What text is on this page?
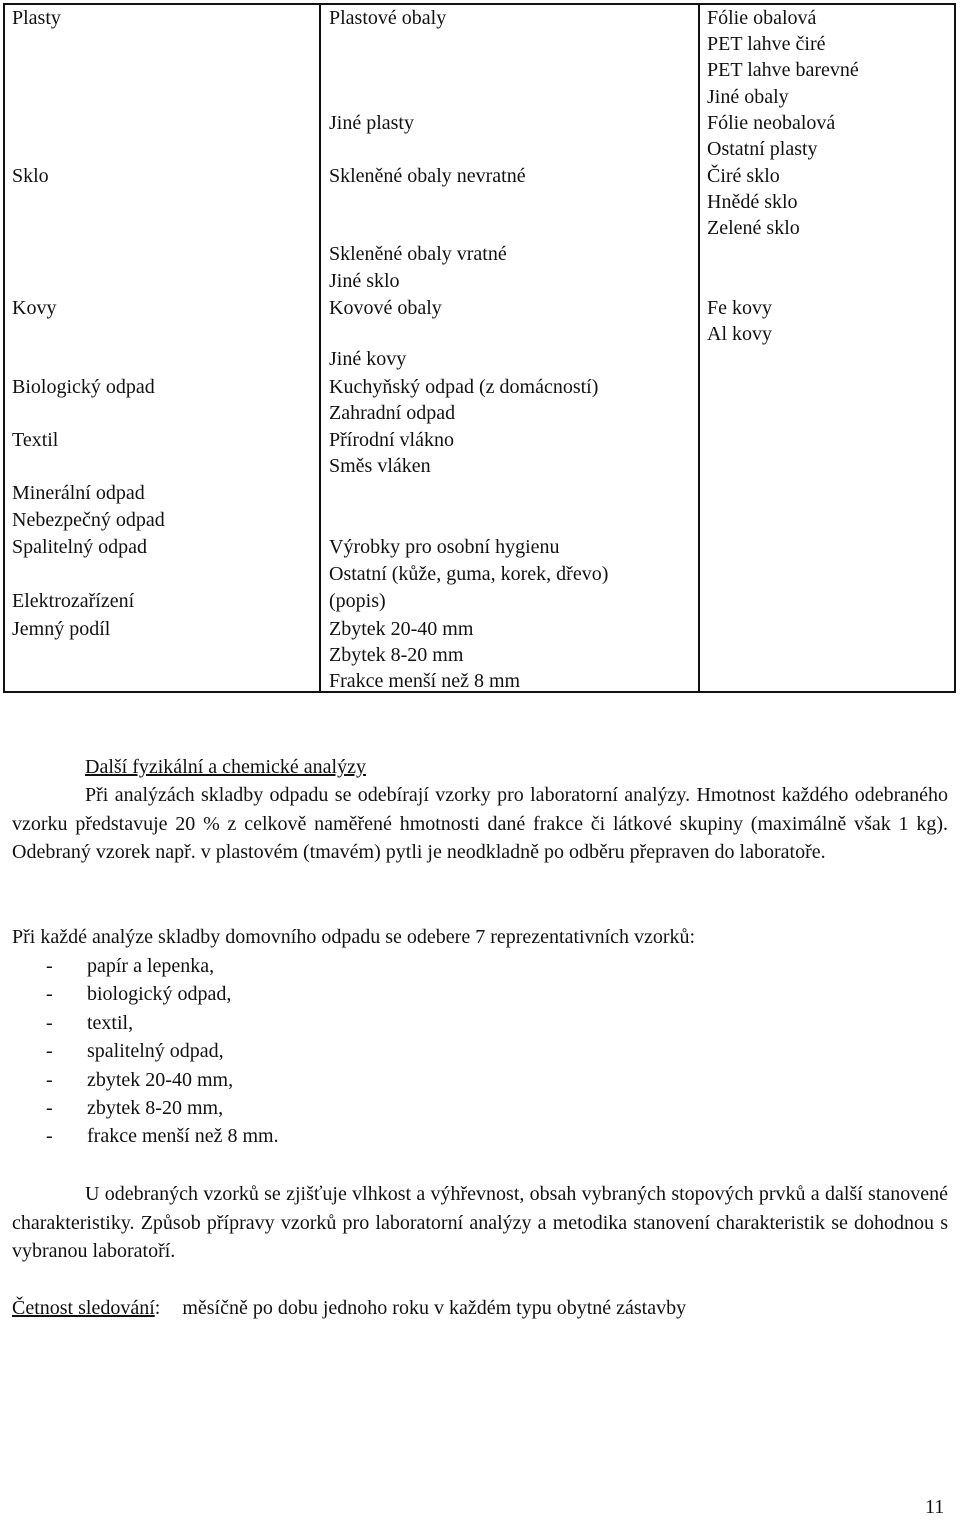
Plasty
Sklo
Kovy
Biologický odpad
Textil
Minerální odpad
Nebezpečný odpad
Spalitelný odpad
Elektrozařízení
Jemný podíl
Plastové obaly
Jiné plasty
Skleněné obaly nevratné
Skleněné obaly vratné
Jiné sklo
Kovové obaly
Jiné kovy
Kuchyňský odpad (z domácností)
Zahradní odpad
Přírodní vlákno
Směs vláken
Výrobky pro osobní hygienu
Ostatní (kůže, guma, korek, dřevo)
(popis)
Zbytek 20-40 mm
Zbytek 8-20 mm
Frakce menší než 8 mm
Fólie obalová
PET lahve čiré
PET lahve barevné
Jiné obaly
Fólie neobalová
Ostatní plasty
Čiré sklo
Hnědé sklo
Zelené sklo
Fe kovy
Al kovy
Další fyzikální a chemické analýzy
Při analýzách skladby odpadu se odebírají vzorky pro laboratorní analýzy. Hmotnost každého odebraného vzorku představuje 20 % z celkově naměřené hmotnosti dané frakce či látkové skupiny (maximálně však 1 kg). Odebraný vzorek např. v plastovém (tmavém) pytli je neodkladně po odběru přepraven do laboratoře.
Při každé analýze skladby domovního odpadu se odebere 7 reprezentativních vzorků:
- papír a lepenka,
- biologický odpad,
- textil,
- spalitelný odpad,
- zbytek 20-40 mm,
- zbytek 8-20 mm,
- frakce menší než 8 mm.
U odebraných vzorků se zjišťuje vlhkost a výhřevnost, obsah vybraných stopových prvků a další stanovené charakteristiky. Způsob přípravy vzorků pro laboratorní analýzy a metodika stanovení charakteristik se dohodnou s vybranou laboratoří.
Četnost sledování: měsíčně po dobu jednoho roku v každém typu obytné zástavby
11
